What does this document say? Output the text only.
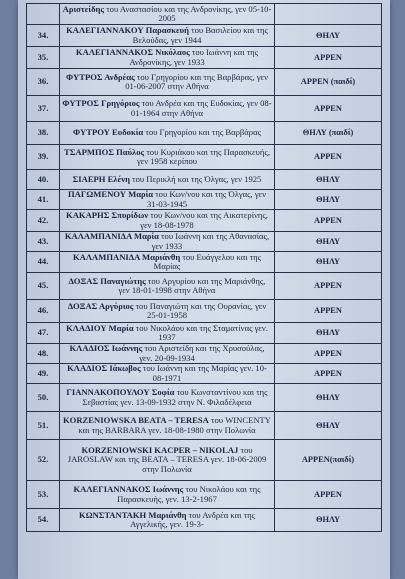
	Αριστείδης του Αναστασίου και της Ανδρονίκης, γεν 05-10-2005	
34.	ΚΑΛΕΓΙΑΝΝΑΚΟΥ Παρασκευή του Βασιλείου και της Βελούδας, γεν 1944	ΘΗΛΥ
35.	ΚΑΛΕΓΙΑΝΝΑΚΟΣ Νικόλαος του Ιωάννη και της Ανδρονίκης, γεν 1933	ΑΡΡΕΝ
36.	ΦΥΤΡΟΣ Ανδρέας του Γρηγορίου και της Βαρβάρας, γεν 01-06-2007 στην Αθήνα	ΑΡΡΕΝ (παιδί)
37.	ΦΥΤΡΟΣ Γρηγόριος του Ανδρέα και της Ευδοκίας, γεν 08-01-1964 στην Αθήνα	ΑΡΡΕΝ
38.	ΦΥΤΡΟΥ Ευδοκία του Γρηγορίου και της Βαρβάρας	ΘΗΛΥ (παιδί)
39.	ΤΣΑΡΜΠΟΣ Παύλος του Κυριάκου και της Παρασκευής, γεν 1958 κερίπου	ΑΡΡΕΝ
40.	ΣΙΑΕΡΗ Ελένη του Περικλή και της Όλγας, γεν 1925	ΘΗΛΥ
41.	ΠΑΓΩΜΕΝΟΥ Μαρία του Κων/νου και της Όλγας, γεν 31-03-1945	ΘΗΛΥ
42.	ΚΑΚΑΡΗΣ Σπυρίδων του Κων/νου και της Αικατερίνης, γεν 18-08-1978	ΑΡΡΕΝ
43.	ΚΑΛΑΜΠΑΝΙΔΑ Μαρία του Ιωάννη και της Αθανασίας, γεν 1933	ΘΗΛΥ
44.	ΚΑΛΑΜΠΑΝΙΔΑ Μαριάνθη του Ευάγγελου και της Μαρίας	ΘΗΛΥ
45.	ΔΟΞΑΣ Παναγιώτης του Αργυρίου και της Μαριάνθης, γεν 18-01-1998 στην Αθήνα	ΑΡΡΕΝ
46.	ΔΟΞΑΣ Αργύριος του Παναγιώτη και της Ουρανίας, γεν 25-01-1958	ΑΡΡΕΝ
47.	ΚΛΑΔΙΟΥ Μαρία του Νικολάου και της Σταματίνας γεν. 1937	ΘΗΛΥ
48.	ΚΛΑΔΙΟΣ Ιωάννης του Αριστείδη και της Χρυσούλας, γεν. 20-09-1934	ΑΡΡΕΝ
49.	ΚΛΑΔΙΟΣ Ιάκωβος του Ιωάννη και της Μαρίας γεν. 10-08-1971	ΑΡΡΕΝ
50.	ΓΙΑΝΝΑΚΟΠΟΥΛΟΥ Σοφία του Κωνσταντίνου και της Σεβαστίας γεν. 13-09-1932 στην Ν. Φιλαδέλφεια	ΘΗΛΥ
51.	KORZENIOWSKA BEATA – TERESA του WINCENTY και της BARBARA γεν. 18-08-1980 στην Πολωνία	ΘΗΛΥ
52.	KORZENIOWSKI KACPER – NIKOLAJ του JAROSLAW και της BEATA – TERESA γεν. 18-06-2009 στην Πολωνία	ΑΡΡΕΝ(παιδί)
53.	ΚΑΛΕΓΙΑΝΝΑΚΟΣ Ιωάννης του Νικολάου και της Παρασκευής, γεν. 13-2-1967	ΑΡΡΕΝ
54.	ΚΩΝΣΤΑΝΤΑΚΗ Μαριάνθη του Ανδρέα και της Αγγελικής, γεν. 19-3-	ΘΗΛΥ
